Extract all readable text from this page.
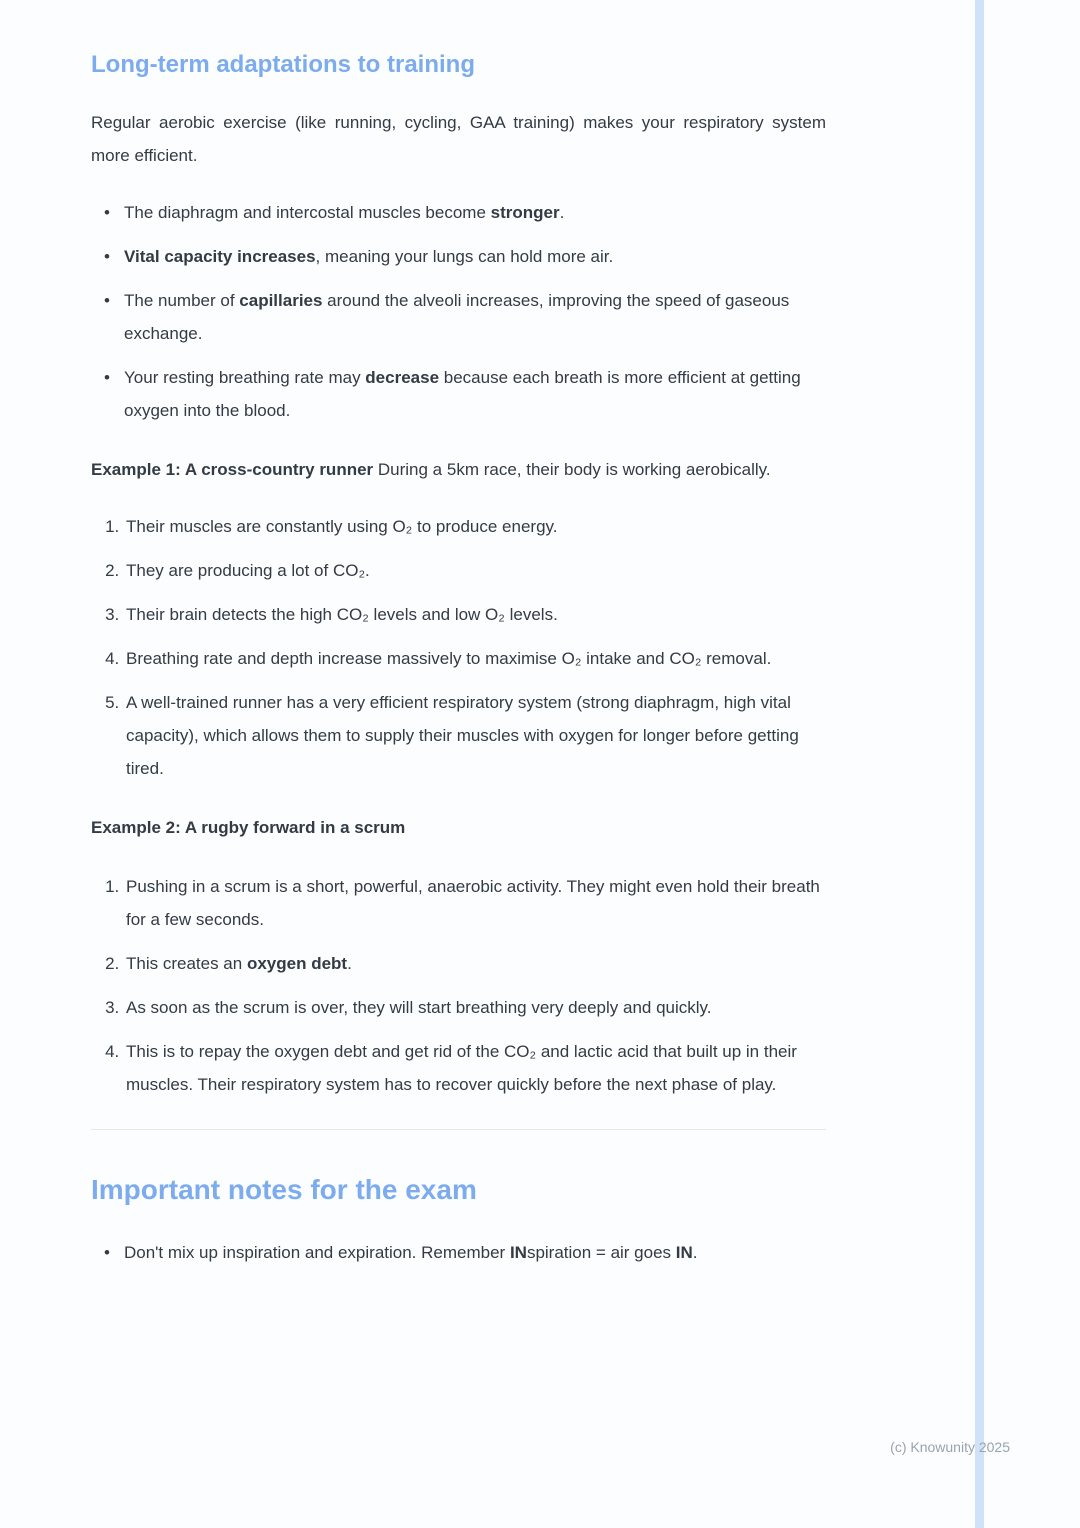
Long-term adaptations to training

Regular aerobic exercise (like running, cycling, GAA training) makes your respiratory system more efficient.

• The diaphragm and intercostal muscles become stronger.
• Vital capacity increases, meaning your lungs can hold more air.
• The number of capillaries around the alveoli increases, improving the speed of gaseous exchange.
• Your resting breathing rate may decrease because each breath is more efficient at getting oxygen into the blood.

Example 1: A cross-country runner During a 5km race, their body is working aerobically.

1. Their muscles are constantly using O₂ to produce energy.
2. They are producing a lot of CO₂.
3. Their brain detects the high CO₂ levels and low O₂ levels.
4. Breathing rate and depth increase massively to maximise O₂ intake and CO₂ removal.
5. A well-trained runner has a very efficient respiratory system (strong diaphragm, high vital capacity), which allows them to supply their muscles with oxygen for longer before getting tired.

Example 2: A rugby forward in a scrum

1. Pushing in a scrum is a short, powerful, anaerobic activity. They might even hold their breath for a few seconds.
2. This creates an oxygen debt.
3. As soon as the scrum is over, they will start breathing very deeply and quickly.
4. This is to repay the oxygen debt and get rid of the CO₂ and lactic acid that built up in their muscles. Their respiratory system has to recover quickly before the next phase of play.
Important notes for the exam
• Don't mix up inspiration and expiration. Remember INspiration = air goes IN.
(c) Knowunity 2025
